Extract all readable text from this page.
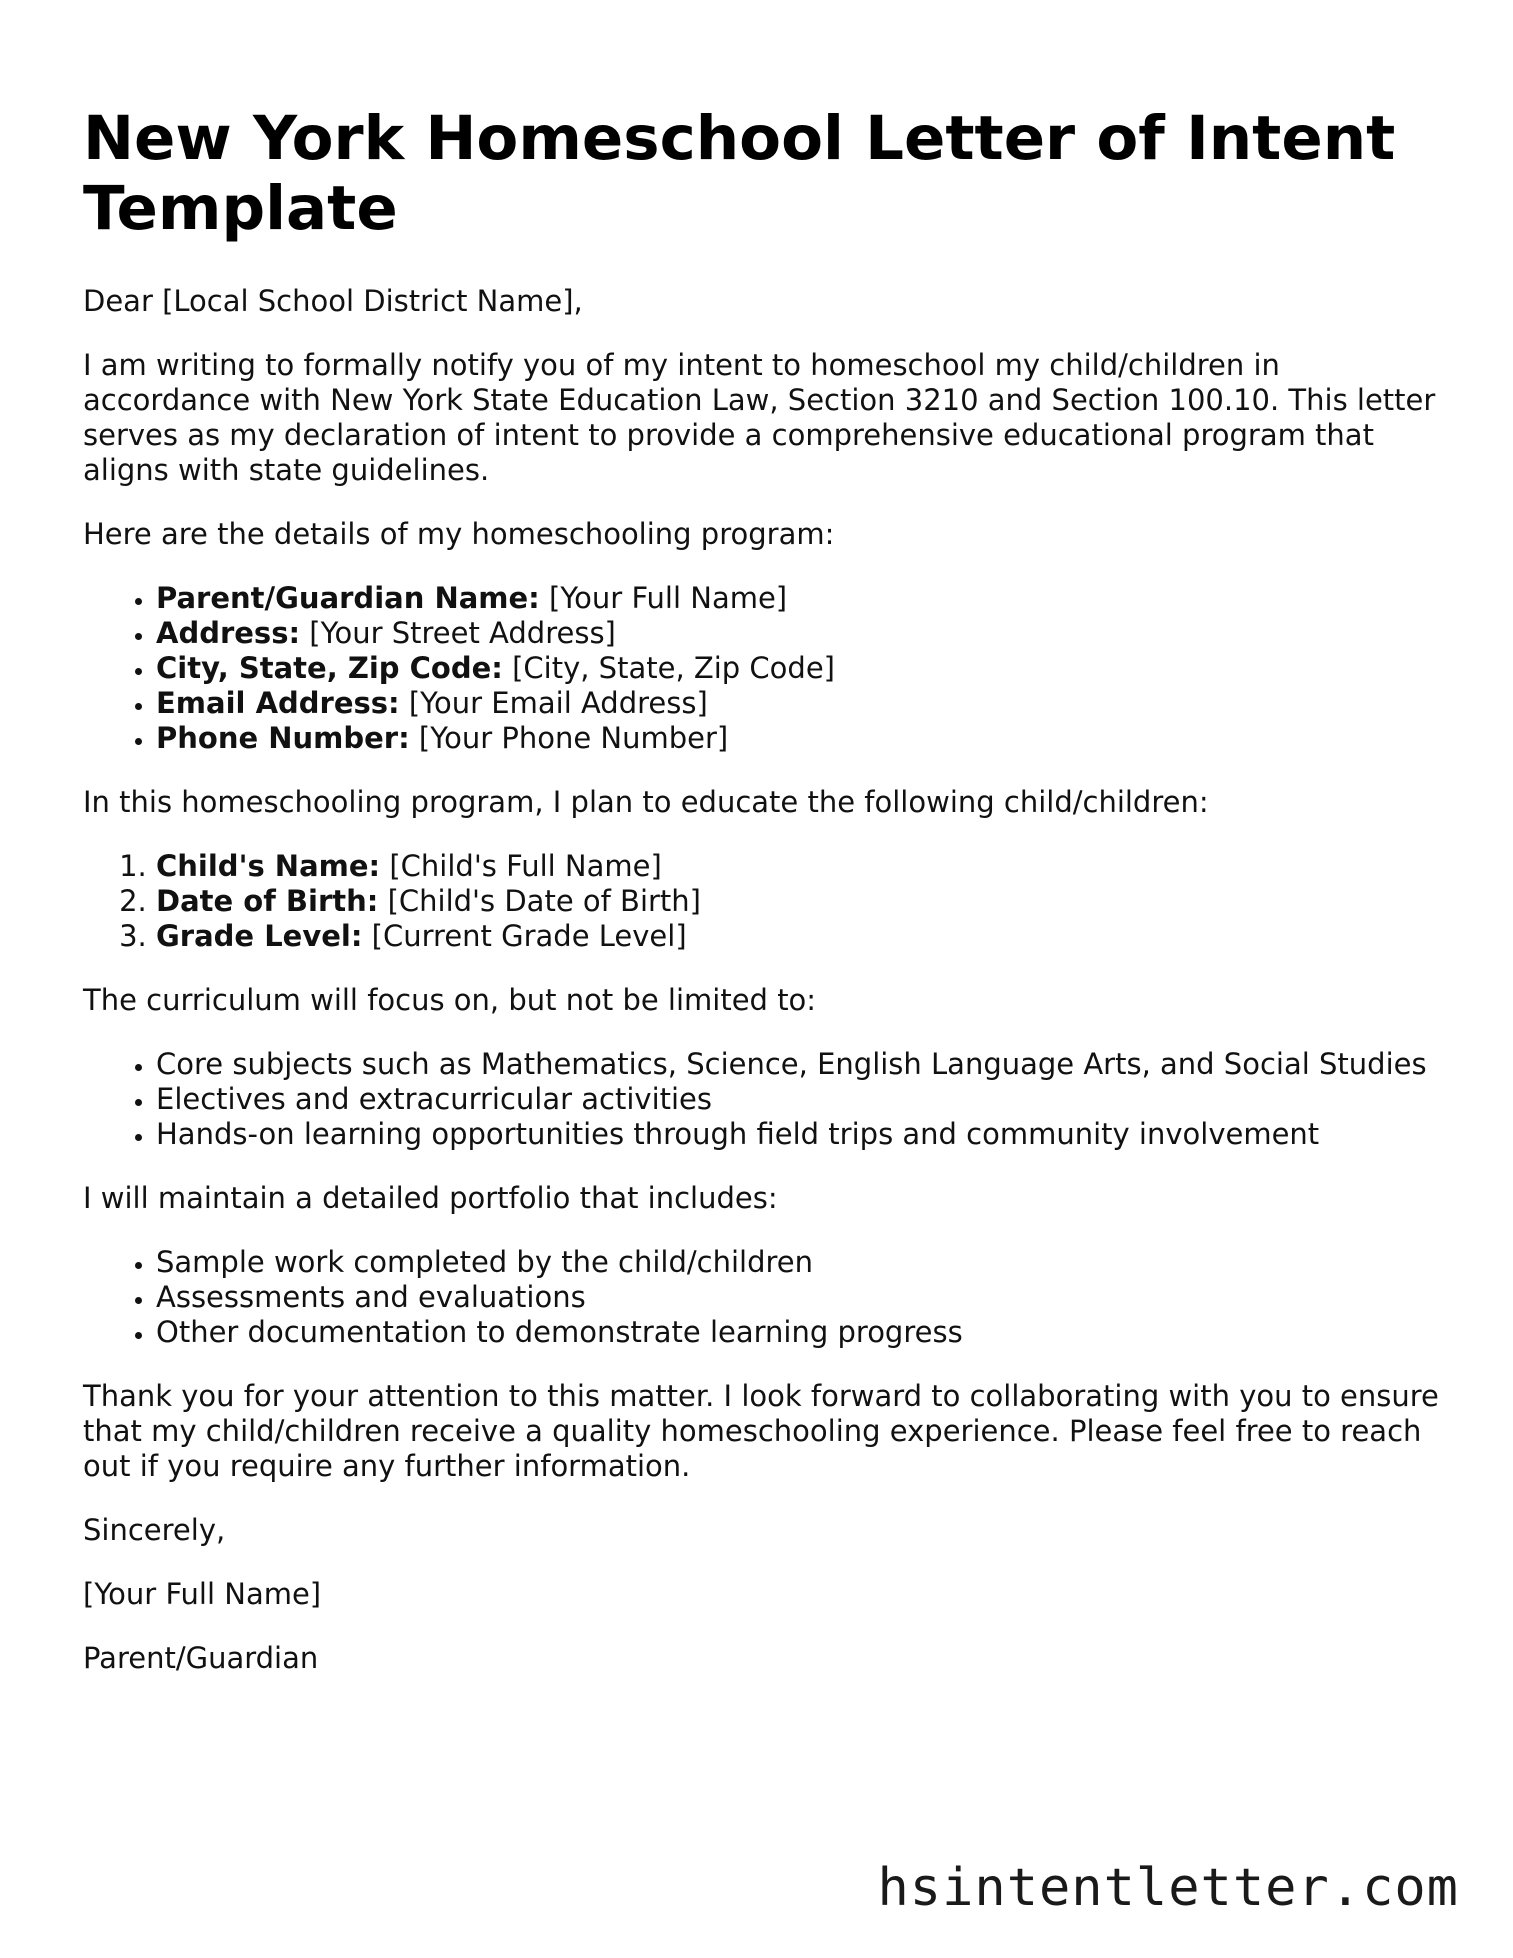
New York Homeschool Letter of Intent Template

Dear [Local School District Name],

I am writing to formally notify you of my intent to homeschool my child/children in accordance with New York State Education Law, Section 3210 and Section 100.10. This letter serves as my declaration of intent to provide a comprehensive educational program that aligns with state guidelines.

Here are the details of my homeschooling program:

• Parent/Guardian Name: [Your Full Name]
• Address: [Your Street Address]
• City, State, Zip Code: [City, State, Zip Code]
• Email Address: [Your Email Address]
• Phone Number: [Your Phone Number]

In this homeschooling program, I plan to educate the following child/children:

1. Child's Name: [Child's Full Name]
2. Date of Birth: [Child's Date of Birth]
3. Grade Level: [Current Grade Level]

The curriculum will focus on, but not be limited to:

• Core subjects such as Mathematics, Science, English Language Arts, and Social Studies
• Electives and extracurricular activities
• Hands-on learning opportunities through field trips and community involvement

I will maintain a detailed portfolio that includes:

• Sample work completed by the child/children
• Assessments and evaluations
• Other documentation to demonstrate learning progress

Thank you for your attention to this matter. I look forward to collaborating with you to ensure that my child/children receive a quality homeschooling experience. Please feel free to reach out if you require any further information.

Sincerely,

[Your Full Name]

Parent/Guardian

hsintentletter.com
